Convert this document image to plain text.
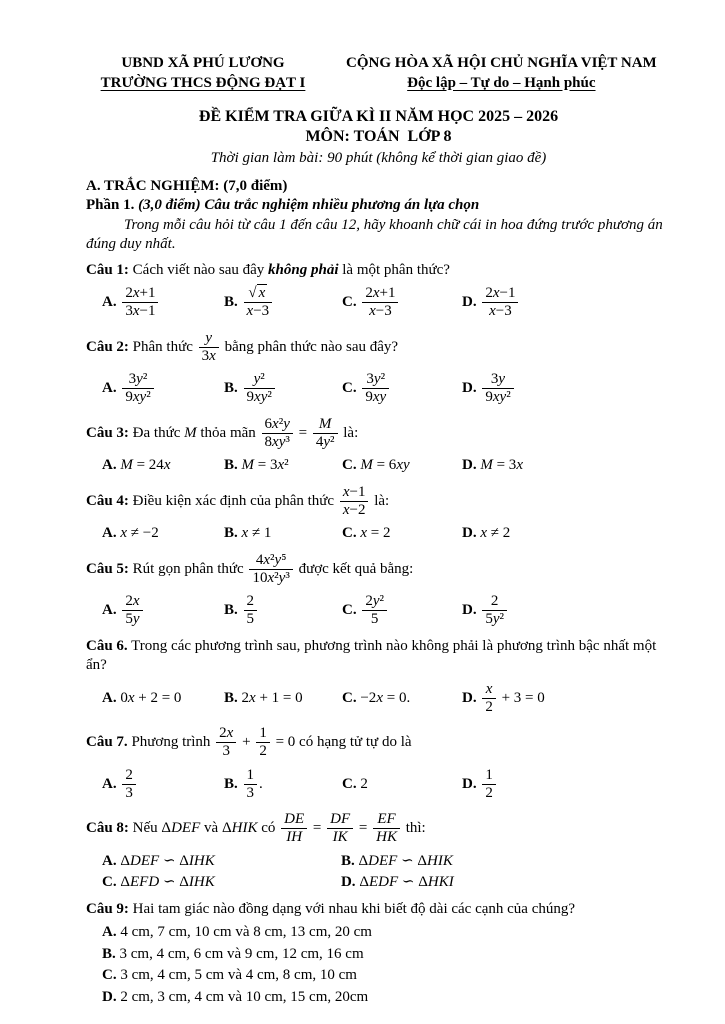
UBND XÃ PHÚ LƯƠNG
TRƯỜNG THCS ĐỘNG ĐẠT I
CỘNG HÒA XÃ HỘI CHỦ NGHĨA VIỆT NAM
Độc lập – Tự do – Hạnh phúc
ĐỀ KIỂM TRA GIỮA KÌ II NĂM HỌC 2025 – 2026
MÔN: TOÁN  LỚP 8
Thời gian làm bài: 90 phút (không kể thời gian giao đề)
A. TRẮC NGHIỆM: (7,0 điểm)
Phần 1. (3,0 điểm) Câu trắc nghiệm nhiều phương án lựa chọn

Trong mỗi câu hỏi từ câu 1 đến câu 12, hãy khoanh chữ cái in hoa đứng trước phương án đúng duy nhất.

Câu 1: Cách viết nào sau đây không phải là một phân thức?

A. $\frac{2x+1}{3x-1}$	B. $\frac{√ x}{x-3}$	C. $\frac{2x+1}{x-3}$	D. $\frac{2x-1}{x-3}$

Câu 2: Phân thức $\frac{y}{3x}$ bằng phân thức nào sau đây?

A. $\frac{\text{3y²}}{\text{9xy²}}$	B. $\frac{\text{y²}}{\text{9xy²}}$	C. $\frac{\text{3y²}}{9xy}$	D. $\frac{3y}{\text{9xy²}}$

Câu 3: Đa thức M thỏa mãn $\frac{\text{6x²y}}{\text{8xy³}} = \frac{M}{\text{4y²}}$ là:

A. M = 24x	B. M = 3x²	C. M = 6xy	D. M = 3x

Câu 4: Điều kiện xác định của phân thức $\frac{x-1}{x-2}$ là:

A. x ≠ −2	B. x ≠ 1	C. x = 2	D. x ≠ 2

Câu 5: Rút gọn phân thức $\frac{\text{4x²y⁵}}{\text{10x²y³}}$ được kết quả bằng:

A. $\frac{2x}{5y}$	B. $\frac{2}{5}$	C. $\frac{\text{2y²}}{5}$	D. $\frac{2}{\text{5y²}}$

Câu 6. Trong các phương trình sau, phương trình nào không phải là phương trình bậc nhất một ẩn?

A. 0x + 2 = 0	B. 2x + 1 = 0	C. −2x = 0.	D. $\frac{x}{2} + 3 = 0$

Câu 7. Phương trình $\frac{2x}{3} + \frac{1}{2} = 0$ có hạng tử tự do là

A. $\frac{2}{3}$	B. $\frac{1}{3}$ .	C. 2	D. $\frac{1}{2}$

Câu 8: Nếu ΔDEF và ΔHIK có $\frac{DE}{IH} = \frac{DF}{IK} = \frac{EF}{HK}$ thì:

A. ΔDEF ∽ ΔIHK	B. ΔDEF ∽ ΔHIK
C. ΔEFD ∽ ΔIHK	D. ΔEDF ∽ ΔHKI

Câu 9: Hai tam giác nào đồng dạng với nhau khi biết độ dài các cạnh của chúng?

A. 4 cm, 7 cm, 10 cm và 8 cm, 13 cm, 20 cm
B. 3 cm, 4 cm, 6 cm và 9 cm, 12 cm, 16 cm
C. 3 cm, 4 cm, 5 cm và 4 cm, 8 cm, 10 cm
D. 2 cm, 3 cm, 4 cm và 10 cm, 15 cm, 20cm
